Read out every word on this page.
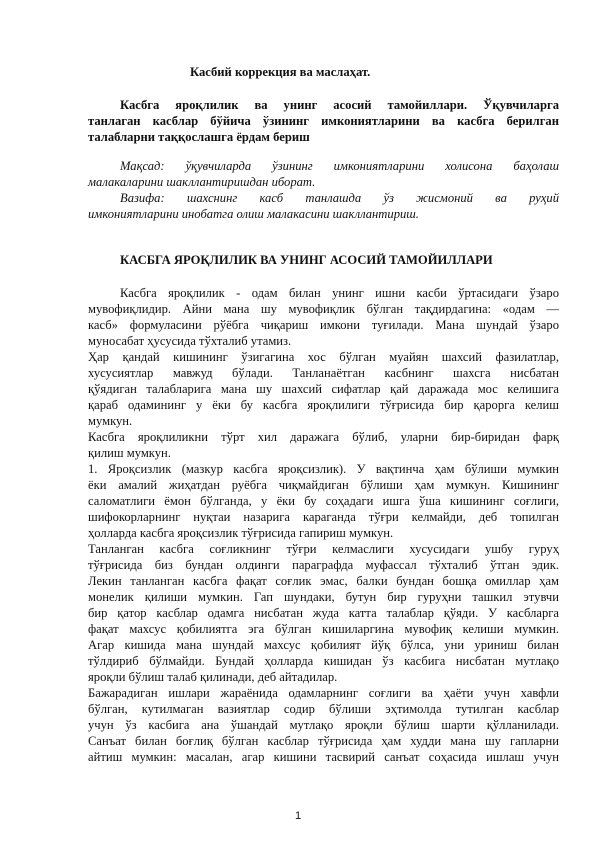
Касбий коррекция ва маслаҳат.
Касбга яроқлилик ва унинг асосий тамойиллари. Ўқувчиларга
танлаган касблар бўйича ўзининг имкониятларини ва касбга берилган
талабларни таққослашга ёрдам бериш
Мақсад: ўқувчиларда ўзининг имкониятларини холисона баҳолаш
малакаларини шакллантиришдан иборат.
Вазифа: шахснинг касб танлашда ўз жисмоний ва руҳий
имкониятларини инобатга олиш малакасини шакллантириш.
КАСБГА ЯРОҚЛИЛИК ВА УНИНГ АСОСИЙ ТАМОЙИЛЛАРИ
Касбга яроқлилик - одам билан унинг ишни касби ўртасидаги ўзаро
мувофиқлидир. Айни мана шу мувофиқлик бўлган тақдирдагина: «одам —
касб» формуласини рўёбга чиқариш имкони туғилади. Мана шундай ўзаро
муносабат ҳусусида тўхталиб утамиз.
Ҳар қандай кишининг ўзигагина хос бўлган муайян шахсий фазилатлар,
хусусиятлар мавжуд бўлади. Танланаётган касбнинг шахсга нисбатан
қўядиган талабларига мана шу шахсий сифатлар қай даражада мос келишига
қараб одамининг у ёки бу касбга яроқлилиги тўғрисида бир қарорга келиш
мумкун.
Касбга яроқлиликни тўрт хил даражага бўлиб, уларни бир-биридан фарқ
қилиш мумкун.
1. Яроқсизлик (мазкур касбга яроқсизлик). У вақтинча ҳам бўлиши мумкин
ёки амалий жиҳатдан руёбга чиқмайдиган бўлиши ҳам мумкун. Кишининг
саломатлиги ёмон бўлганда, у ёки бу соҳадаги ишга ўша кишининг соғлиги,
шифокорларнинг нуқтаи назарига караганда тўғри келмайди, деб топилган
ҳолларда касбга яроқсизлик тўғрисида гапириш мумкун.
Танланган касбга соғликнинг тўғри келмаслиги хусусидаги ушбу гуруҳ
тўғрисида биз бундан олдинги параграфда муфассал тўхталиб ўтган эдик.
Лекин танланган касбга фақат соғлик эмас, балки бундан бошқа омиллар ҳам
монелик қилиши мумкин. Гап шундаки, бутун бир гуруҳни ташкил этувчи
бир қатор касблар одамга нисбатан жуда катта талаблар қўяди. У касбларга
фақат махсус қобилиятга эга бўлган кишиларгина мувофиқ келиши мумкин.
Агар кишида мана шундай махсус қобилият йўқ бўлса, уни уриниш билан
тўлдириб бўлмайди. Бундай ҳолларда кишидан ўз касбига нисбатан мутлақо
яроқли бўлиш талаб қилинади, деб айтадилар.
Бажарадиган ишлари жараёнида одамларнинг соғлиги ва ҳаёти учун хавфли
бўлган, кутилмаган вазиятлар содир бўлиши эҳтимолда тутилган касблар
учун ўз касбига ана ўшандай мутлақо яроқли бўлиш шарти қўлланилади.
Санъат билан боғлиқ бўлган касблар тўғрисида ҳам худди мана шу гапларни
айтиш мумкин: масалан, агар кишини тасвирий санъат соҳасида ишлаш учун
1
